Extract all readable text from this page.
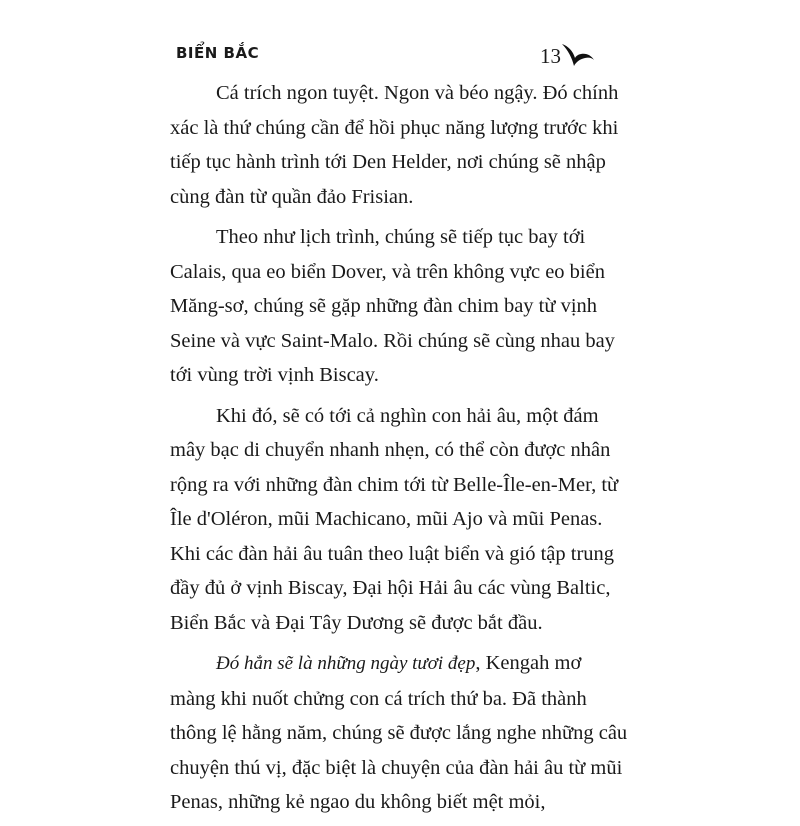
BIỂN BẮC	13

Cá trích ngon tuyệt. Ngon và béo ngậy. Đó chính xác là thứ chúng cần để hồi phục năng lượng trước khi tiếp tục hành trình tới Den Helder, nơi chúng sẽ nhập cùng đàn từ quần đảo Frisian.

Theo như lịch trình, chúng sẽ tiếp tục bay tới Calais, qua eo biển Dover, và trên không vực eo biển Măng-sơ, chúng sẽ gặp những đàn chim bay từ vịnh Seine và vực Saint-Malo. Rồi chúng sẽ cùng nhau bay tới vùng trời vịnh Biscay.

Khi đó, sẽ có tới cả nghìn con hải âu, một đám mây bạc di chuyển nhanh nhẹn, có thể còn được nhân rộng ra với những đàn chim tới từ Belle-Île-en-Mer, từ Île d'Oléron, mũi Machicano, mũi Ajo và mũi Penas. Khi các đàn hải âu tuân theo luật biển và gió tập trung đầy đủ ở vịnh Biscay, Đại hội Hải âu các vùng Baltic, Biển Bắc và Đại Tây Dương sẽ được bắt đầu.

Đó hẳn sẽ là những ngày tươi đẹp, Kengah mơ màng khi nuốt chửng con cá trích thứ ba. Đã thành thông lệ hằng năm, chúng sẽ được lắng nghe những câu chuyện thú vị, đặc biệt là chuyện của đàn hải âu từ mũi Penas, những kẻ ngao du không biết mệt mỏi,
